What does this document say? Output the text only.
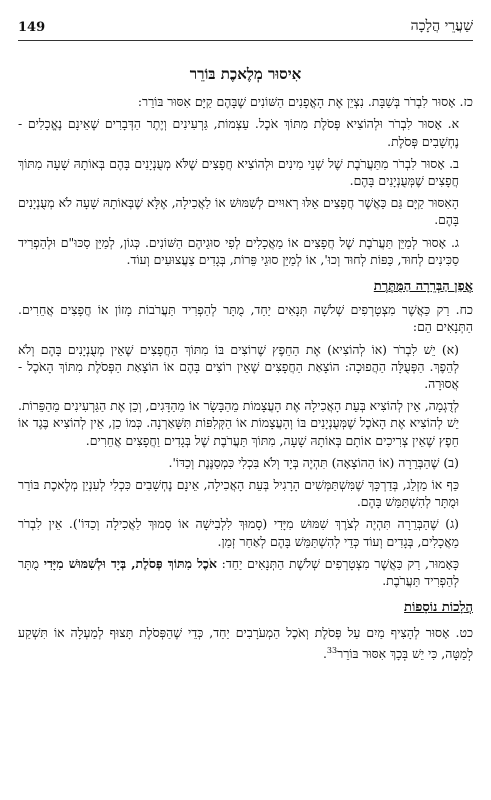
149	שַׁעֲרֵי הֲלָכָה
אִיסוּר מְלֶאכֶת בּוֹרֵר

כז. אָסוּר לִבְרֹר בְּשַׁבָּת. נִצְיֵן אֶת הָאֳפָנִים הַשּׁוֹנִים שֶׁבָּהֶם קַיָּם אִסּוּר בּוֹרֵר:

א. אָסוּר לִבְרֹר וּלְהוֹצִיא פְּסֹלֶת מִתּוֹךְ אֹכֶל. עַצְמוֹת, גַּרְעִינִים וְיֶתֶר הַדְּבָרִים שֶׁאֵינָם נֶאֱכָלִים - נֶחְשָׁבִים פְּסֹלֶת.

ב. אָסוּר לִבְרֹר מִתַּעֲרֹבֶת שֶׁל שְׁנֵי מִינִים וּלְהוֹצִיא חֲפָצִים שֶׁלֹּא מְעֻנְיָנִים בָּהֶם בְּאוֹתָהּ שָׁעָה מִתּוֹךְ חֲפָצִים שֶׁמְּעֻנְיָנִים בָּהֶם.

הָאִסּוּר קַיָּם גַּם כַּאֲשֶׁר חֲפָצִים אֵלּוּ רְאוּיִים לְשִׁמּוּשׁ אוֹ לַאֲכִילָה, אֶלָּא שֶׁבְּאוֹתָהּ שָׁעָה לֹא מְעֻנְיָנִים בָּהֶם.

ג. אָסוּר לְמַיֵּן תַּעֲרֹבֶת שֶׁל חֲפָצִים אוֹ מַאֲכָלִים לְפִי סוּגֵיהֶם הַשּׁוֹנִים. כְּגוֹן, לְמַיֵּן סַכּוּ"ם וּלְהַפְרִיד סַכִּינִים לְחוּד, כַּפּוֹת לְחוּד וְכוּ', אוֹ לְמַיֵּן סוּגֵי פֵּרוֹת, בְּגָדִים צַעֲצוּעִים וְעוֹד.

אֳפַן הַבְּרֵרָה הַמֻּתֶּרֶת

כח. רַק כַּאֲשֶׁר מִצְטָרְפִים שְׁלֹשָׁה תְּנָאִים יַחַד, מֻתָּר לְהַפְרִיד תַּעֲרֹבוֹת מָזוֹן אוֹ חֲפָצִים אֲחֵרִים. הַתְּנָאִים הֵם:

(א) יֵשׁ לִבְרֹר (אוֹ לְהוֹצִיא) אֶת הַחֵפֶץ שֶׁרוֹצִים בּוֹ מִתּוֹךְ הַחֲפָצִים שֶׁאֵין מְעֻנְיָנִים בָּהֶם וְלֹא לְהֵפֶךְ. הַפְּעֻלָּה הַהֲפוּכָה: הוֹצָאַת הַחֲפָצִים שֶׁאֵין רוֹצִים בָּהֶם אוֹ הוֹצָאַת הַפְּסֹלֶת מִתּוֹךְ הָאֹכֶל - אֲסוּרָה.

לְדֻגְמָה, אֵין לְהוֹצִיא בְּעֵת הָאֲכִילָה אֶת הָעֲצָמוֹת מֵהַבָּשָׂר אוֹ מֵהַדָּגִים, וְכֵן אֶת הַגַּרְעִינִים מֵהַפֵּרוֹת. יֵשׁ לְהוֹצִיא אֶת הָאֹכֶל שֶׁמְּעֻנְיָנִים בּוֹ וְהָעֲצָמוֹת אוֹ הַקְּלִפּוֹת תִּשָּׁאַרְנָה. כְּמוֹ כֵן, אֵין לְהוֹצִיא בֶּגֶד אוֹ חֵפֶץ שֶׁאֵין צְרִיכִים אוֹתָם בְּאוֹתָהּ שָׁעָה, מִתּוֹךְ תַּעֲרֹבֶת שֶׁל בְּגָדִים וַחֲפָצִים אֲחֵרִים.

(ב) שֶׁהַבְּרֵרָה (אוֹ הַהוֹצָאָה) תִּהְיֶה בְּיָד וְלֹא בִּכְלִי כִּמְסַנֶּנֶת וְכַדּוֹ'.

כַּף אוֹ מַזְלֵג, בְּדַרְכָּךְ שֶׁמִּשְׁתַּמְּשִׁים הָרָגִיל בְּעֵת הָאֲכִילָה, אֵינָם נֶחְשָׁבִים כִּכְלִי לְעִנְיַן מְלֶאכֶת בּוֹרֵר וּמֻתָּר לְהִשְׁתַּמֵּשׁ בָּהֶם.

(ג) שֶׁהַבְּרֵרָה תִּהְיֶה לְצֹרֶךְ שִׁמּוּשׁ מִיָּדִי (סָמוּךְ לִלְבִישָׁה אוֹ סָמוּךְ לַאֲכִילָה וְכַדּוֹ'). אֵין לִבְרֹר מַאֲכָלִים, בְּגָדִים וְעוֹד כְּדֵי לְהִשְׁתַּמֵּשׁ בָּהֶם לְאַחַר זְמַן.

כָּאָמוּר, רַק כַּאֲשֶׁר מִצְטָרְפִים שְׁלֹשֶׁת הַתְּנָאִים יַחַד: אֹכֶל מִתּוֹךְ פְּסֹלֶת, בְּיָד וּלְשִׁמּוּשׁ מִיָּדִי מֻתָּר לְהַפְרִיד תַּעֲרֹבֶת.

הֲלָכוֹת נוֹסָפוֹת

כט. אָסוּר לְהָצִיף מַיִם עַל פְּסֹלֶת וְאֹכֶל הַמְעֹרָבִים יַחַד, כְּדֵי שֶׁהַפְּסֹלֶת תָּצוּף לְמַעְלָה אוֹ תִּשְׁקַע לְמַטָּה, כִּי יֵשׁ בְּכָךְ אִסּוּר בּוֹרֵר$^{33}$.
